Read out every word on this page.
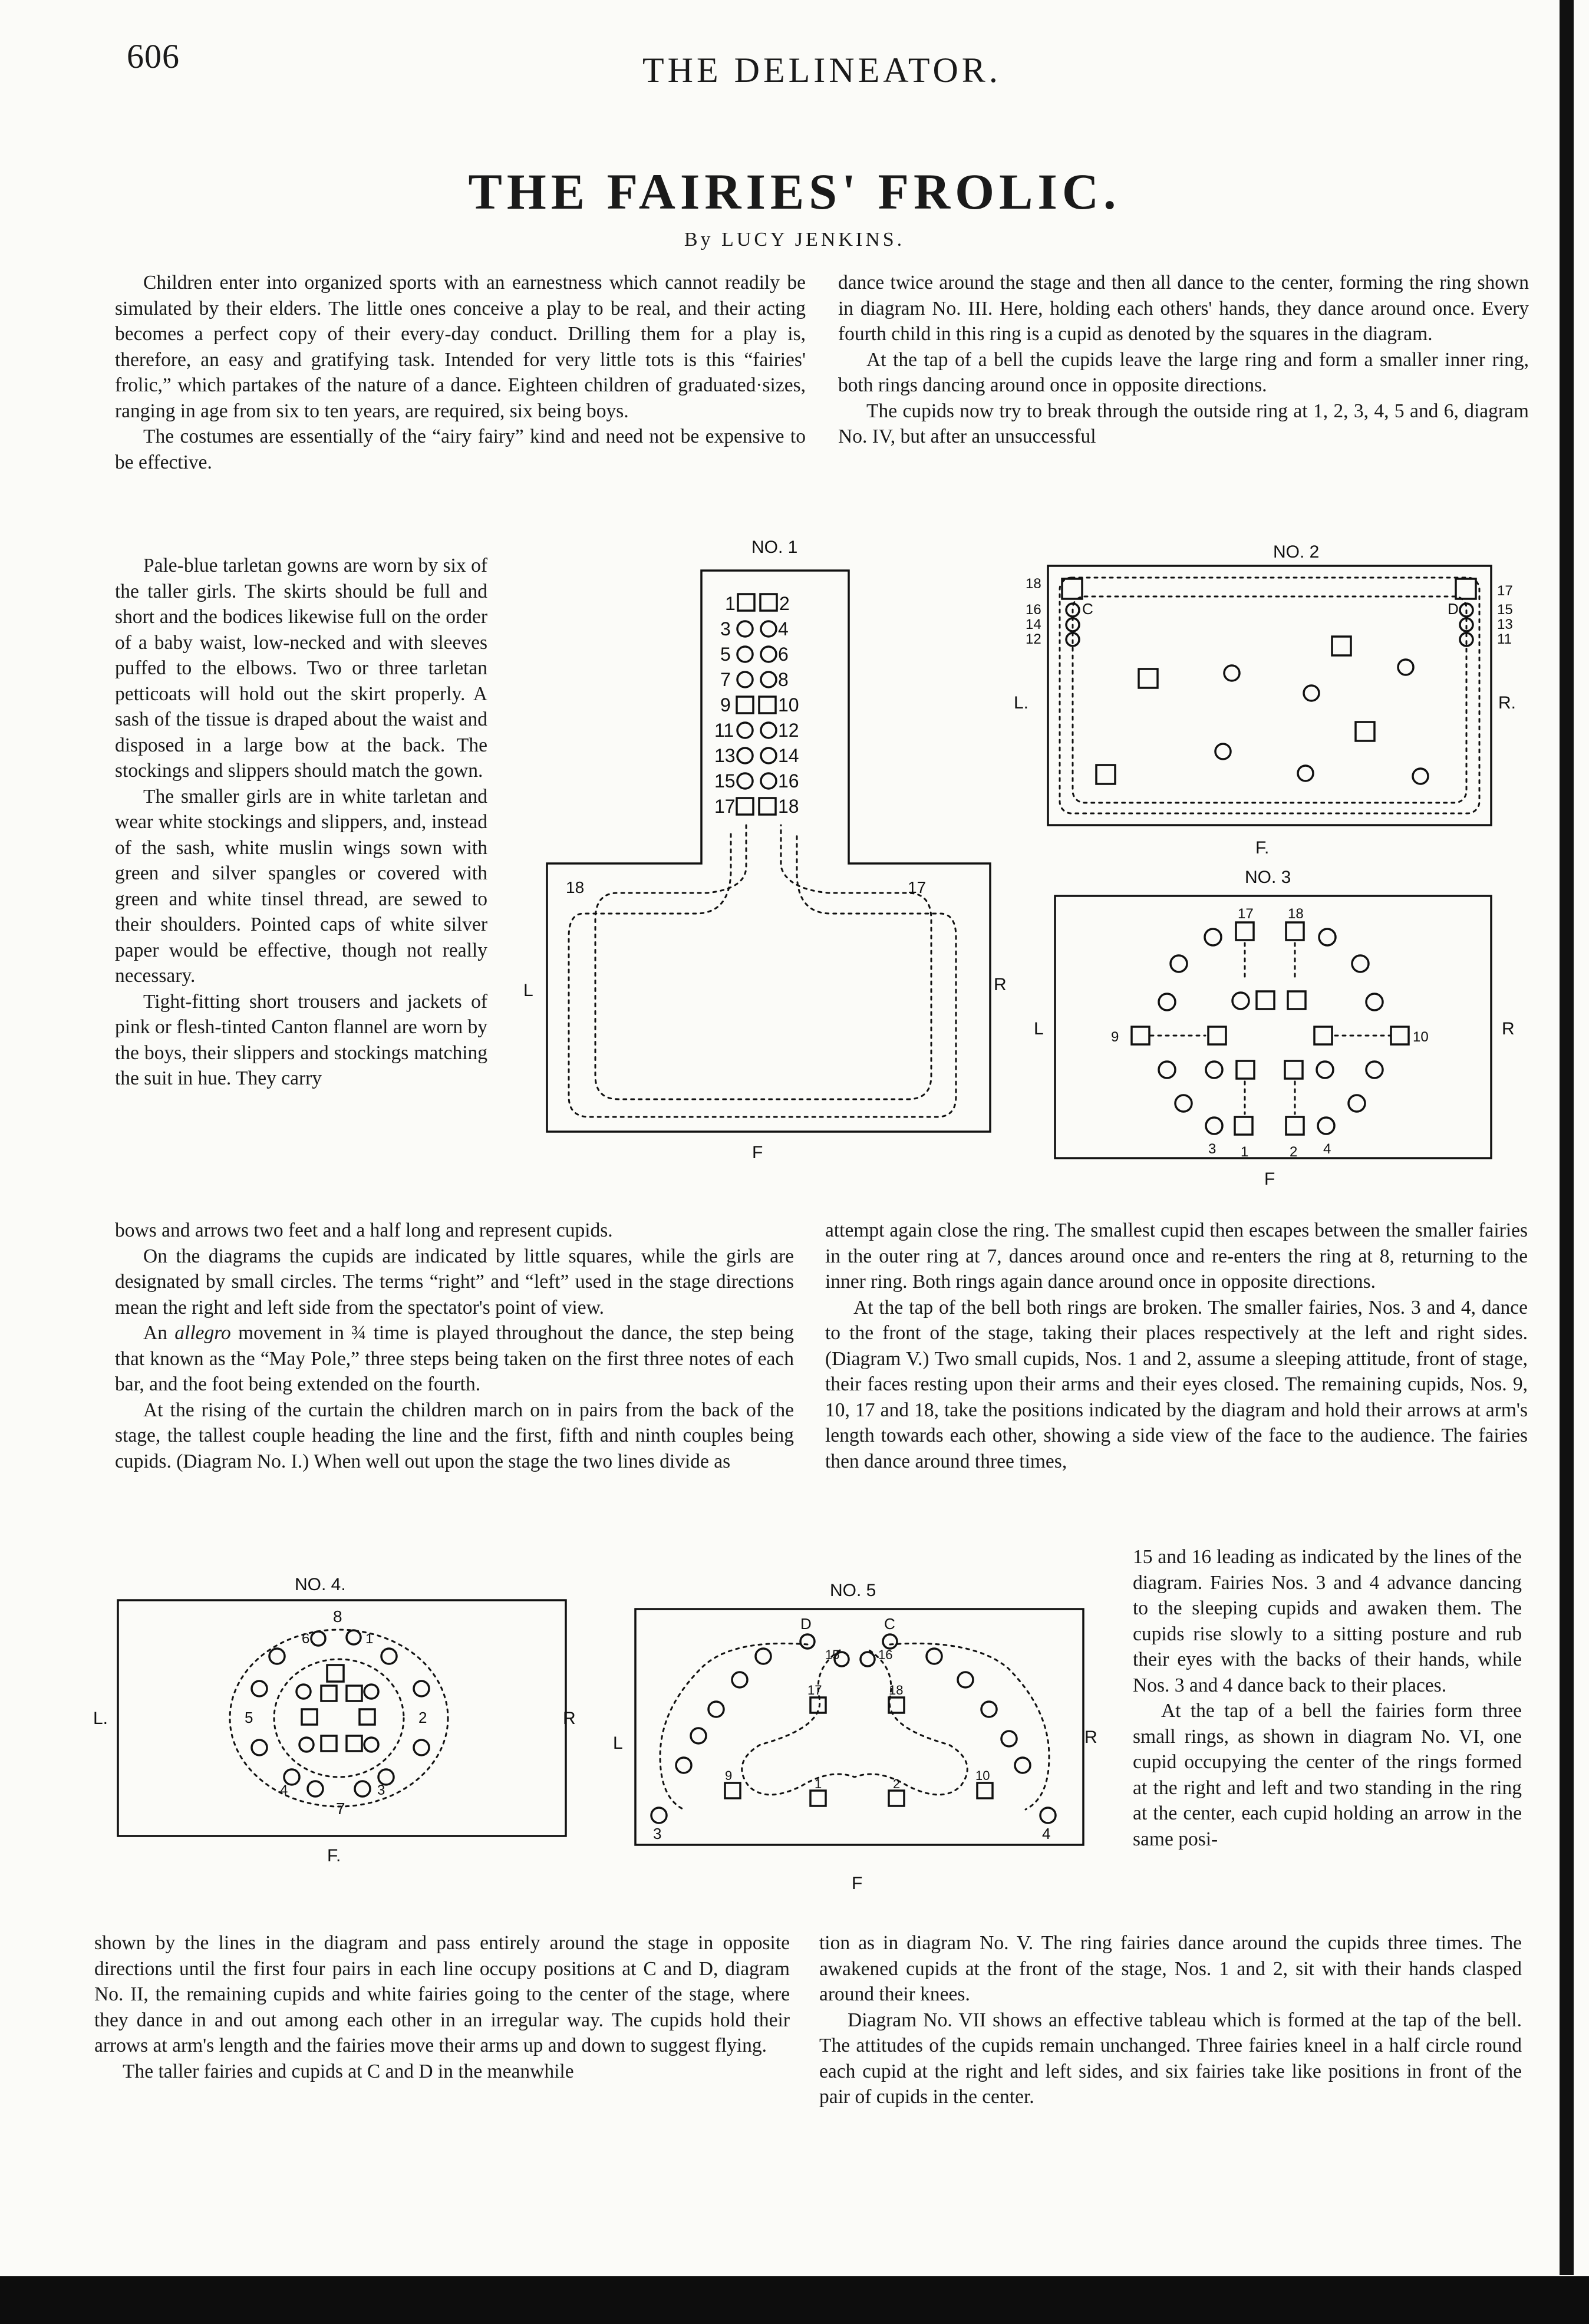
606	THE DELINEATOR.
THE FAIRIES' FROLIC.
By LUCY JENKINS.

Children enter into organized sports with an earnestness which cannot readily be simulated by their elders. The little ones conceive a play to be real, and their acting becomes a perfect copy of their every-day conduct. Drilling them for a play is, therefore, an easy and gratifying task. Intended for very little tots is this “fairies' frolic,” which partakes of the nature of a dance. Eighteen children of graduated·sizes, ranging in age from six to ten years, are required, six being boys.

The costumes are essentially of the “airy fairy” kind and need not be expensive to be effective.

Pale-blue tarletan gowns are worn by six of the taller girls. The skirts should be full and short and the bodices likewise full on the order of a baby waist, low-necked and with sleeves puffed to the elbows. Two or three tarletan petticoats will hold out the skirt properly. A sash of the tissue is draped about the waist and disposed in a large bow at the back. The stockings and slippers should match the gown.

The smaller girls are in white tarletan and wear white stockings and slippers, and, instead of the sash, white muslin wings sown with green and silver spangles or covered with green and white tinsel thread, are sewed to their shoulders. Pointed caps of white silver paper would be effective, though not really necessary.

Tight-fitting short trousers and jackets of pink or flesh-tinted Canton flannel are worn by the boys, their slippers and stockings matching the suit in hue. They carry

bows and arrows two feet and a half long and represent cupids.

On the diagrams the cupids are indicated by little squares, while the girls are designated by small circles. The terms “right” and “left” used in the stage directions mean the right and left side from the spectator's point of view.

An allegro movement in ¾ time is played throughout the dance, the step being that known as the “May Pole,” three steps being taken on the first three notes of each bar, and the foot being extended on the fourth.

At the rising of the curtain the children march on in pairs from the back of the stage, the tallest couple heading the line and the first, fifth and ninth couples being cupids. (Diagram No. I.) When well out upon the stage the two lines divide as

shown by the lines in the diagram and pass entirely around the stage in opposite directions until the first four pairs in each line occupy positions at C and D, diagram No. II, the remaining cupids and white fairies going to the center of the stage, where they dance in and out among each other in an irregular way. The cupids hold their arrows at arm's length and the fairies move their arms up and down to suggest flying.

The taller fairies and cupids at C and D in the meanwhile

dance twice around the stage and then all dance to the center, forming the ring shown in diagram No. III. Here, holding each others' hands, they dance around once. Every fourth child in this ring is a cupid as denoted by the squares in the diagram.

At the tap of a bell the cupids leave the large ring and form a smaller inner ring, both rings dancing around once in opposite directions.

The cupids now try to break through the outside ring at 1, 2, 3, 4, 5 and 6, diagram No. IV, but after an unsuccessful

attempt again close the ring. The smallest cupid then escapes between the smaller fairies in the outer ring at 7, dances around once and re-enters the ring at 8, returning to the inner ring. Both rings again dance around once in opposite directions.

At the tap of the bell both rings are broken. The smaller fairies, Nos. 3 and 4, dance to the front of the stage, taking their places respectively at the left and right sides. (Diagram V.) Two small cupids, Nos. 1 and 2, assume a sleeping attitude, front of stage, their faces resting upon their arms and their eyes closed. The remaining cupids, Nos. 9, 10, 17 and 18, take the positions indicated by the diagram and hold their arrows at arm's length towards each other, showing a side view of the face to the audience. The fairies then dance around three times,

15 and 16 leading as indicated by the lines of the diagram. Fairies Nos. 3 and 4 advance dancing to the sleeping cupids and awaken them. The cupids rise slowly to a sitting posture and rub their eyes with the backs of their hands, while Nos. 3 and 4 dance back to their places.

At the tap of a bell the fairies form three small rings, as shown in diagram No. VI, one cupid occupying the center of the rings formed at the right and left and two standing in the ring at the center, each cupid holding an arrow in the same posi-

tion as in diagram No. V. The ring fairies dance around the cupids three times. The awakened cupids at the front of the stage, Nos. 1 and 2, sit with their hands clasped around their knees.

Diagram No. VII shows an effective tableau which is formed at the tap of the bell. The attitudes of the cupids remain unchanged. Three fairies kneel in a half circle round each cupid at the right and left sides, and six fairies take like positions in front of the pair of cupids in the center.

NO. 1
1 2
3	4
5	6
7	8
9	10
11 12
13 14
15 16
17 18
18	17
L	R
F
NO. 2
18
16
14
12
17
15
13
11
C	D
L.	R.
F.
NO. 3
17 18
9	10
3 1	2 4
L	R
F
NO. 4.
8
6	1
5	2
4	3
7
L.	R
F.
NO. 5
D	C
15	16
17	18
9	10
1	2
3	4
L	R
F
